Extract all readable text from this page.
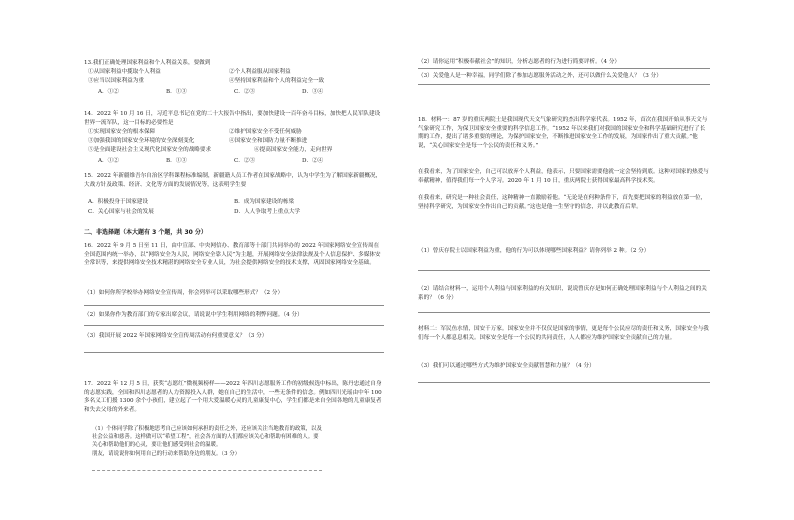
13.我们正确处理国家利益和个人利益关系，要做到
①从国家利益中揽取个人利益	②个人利益服从国家利益
③应当以国家利益为重	④坚持国家利益和个人的利益完全一致
A．①②	B．①③	C．②③	D．③④
14．2022 年 10 月 16 日，习近平总书记在党的二十大报告中指出，要加快建设一百年奋斗目标，加快把人民军队建设世界一流军队，这一目标的必要性是
①实现国家安全的根本保障	②维护国家安全不受任何威胁
③加强我国的国家安全环境的安全深刻变化	④国家安全和国防力量不断推进
⑤是全面建设社会主义现代化国家安全的战略要求	⑥提高国家安全能力，走向世界
A．①②	B．①③	C．②③	D．②④
15．2022 年新疆维吾尔自治区学科课程标准编制，新疆籍人员工作者在国家战略中，认为中学生为了解国家新疆概况，大战方针及政策、经济、文化等方面的发展情况等，这表明学生要
A．积极投身于国家建设	B．成为国家建设的栋梁
C．关心国家与社会的发展	D．人人争取考上重点大学
二、非选择题（本大题有 3 个题，共 30 分）
16．2022 年 9 月 5 日至 11 日，由中宣部、中央网信办、教育部等十部门共同举办的 2022 年国家网络安全宣传周在全国范围内统一举办，以“网络安全为人民，网络安全靠人民”为主题，开展网络安全法律法规及个人信息保护、多媒体安全常识等，来提供网络安全技术精湛的网络安全专业人员，为社会提供网络安全的技术支撑，巩固国家网络安全基础。
（1）如何你所学校举办网络安全宣传周，你会列举可以采取哪些形式？（2 分）
（2）如果你作为教育部门的专家出席会议，请说说中学生利用网络的利弊问题。（4 分）
（3）我国开展 2022 年国家网络安全宣传周活动有何重要意义？（3 分）
17．2022 年 12 月 5 日，获奖“志愿红”微视频榜样——2022 年四川志愿服务工作的初级候选中标出，陈丹忠通过自身的志愿实践，全国和四川志愿者的人力资源投入人群，她在自己的生活中，一些无条件的信念。例如四川光瑶由中年 100 多名义工们援 1300 余个小孩们，建立起了一个用大爱温暖心灵的儿童康复中心，学生们都是来自全国各地的儿童康复者和失去父母的外来者。
（1）个体同学除了积极地思考自己应该如何承担的责任之外，还应该关注当地教育的政策，以及社会公益和慈善。这样做可以“希望工程”，社会各方面的人们都应该关心和帮助有困难的人。要关心和帮助他们的心灵，要让他们感受到社会的温暖。
朋友，请说说你如何用自己的行动来帮助身边的朋友。（3 分）
（2）请你运用“积极奉献社会”的知识，分析志愿者的行为进行简要评析。（4 分）
（3）关爱他人是一种幸福，同学们除了参加志愿服务活动之外，还可以做什么关爱他人？（3 分）
18．材料一：87 岁的重庆两院士是我国现代天文气象研究的杰出科学家代表。1952 年，首次在我国开始从事天文与气象研究工作，为保卫国家安全重要的科学信息工作。“1952 年以来我们对我国的国家安全和科学基础研究进行了长期的工作，提出了诸多重要的理论，为保护国家安全，不断推进国家安全工作的发展，为国家作出了重大贡献。”他说，“关心国家安全是每一个公民的责任和义务。”
在我看来，为了国家安全，自己可以放弃个人利益，他表示，只要国家需要他就一定会坚持到底。这种对国家的热爱与奉献精神，值得我们每一个人学习。2020 年 1 月 10 日，重庆两院士获得国家最高科学技术奖。
在我看来，研究是一种社会责任，这种精神一直激励着他。“无论是在何种条件下，首先要把国家的利益放在第一位，坚持科学研究，为国家安全作出自己的贡献。”这也是他一生坚守的信念，并以此教育后辈。
（1）曾庆存院士以国家利益为重，他的行为可以体现哪些国家利益？请你列举 2 种。（2 分）
（2）请结合材料一，运用个人利益与国家利益的有关知识，说说曾庆存是如何正确处理国家利益与个人利益之间的关系的？（6 分）
材料二：军民鱼水情，国安千万家。国家安全并不仅仅是国家的事情，更是每个公民应尽的责任和义务，国家安全与我们每一个人都息息相关。国家安全是每一个公民的共同责任，人人都应为维护国家安全贡献自己的力量。
（3）我们可以通过哪些方式为维护国家安全贡献智慧和力量？（4 分）
